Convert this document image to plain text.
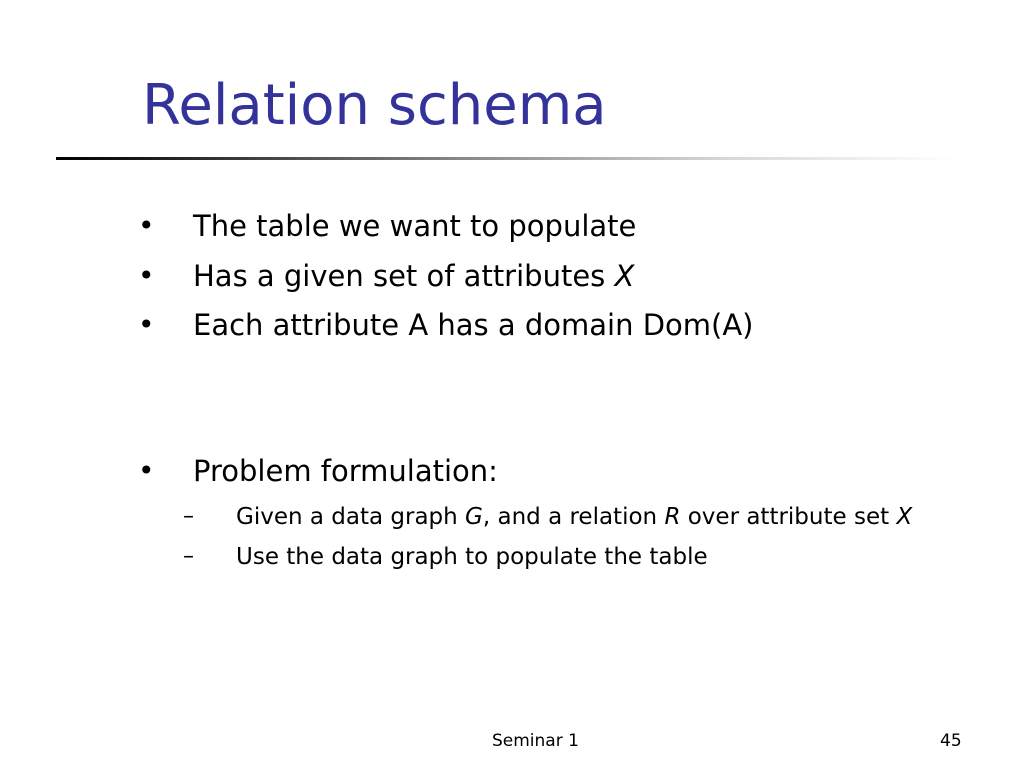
Relation schema
• The table we want to populate
• Has a given set of attributes X
• Each attribute A has a domain Dom(A)
• Problem formulation:
– Given a data graph G, and a relation R over attribute set X
– Use the data graph to populate the table
Seminar 1	45
